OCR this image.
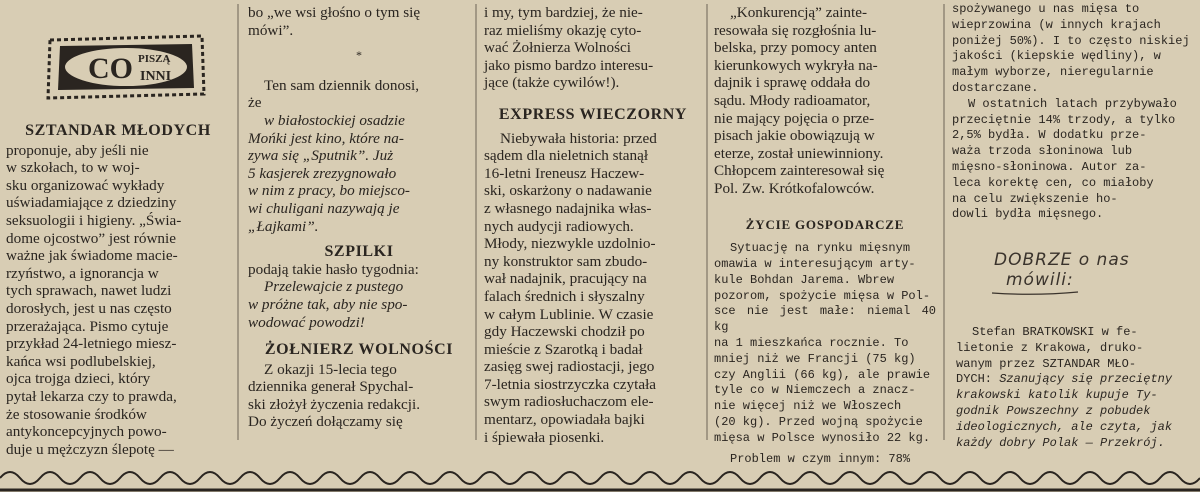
CO PISZĄ
INNI

SZTANDAR MŁODYCH

proponuje, aby jeśli nie

w szkołach, to w woj-

sku organizować wykłady

uświadamiające z dziedziny

seksuologii i higieny. „Świa-

dome ojcostwo” jest równie

ważne jak świadome macie-

rzyństwo, a ignorancja w

tych sprawach, nawet ludzi

dorosłych, jest u nas często

przerażająca. Pismo cytuje

przykład 24-letniego miesz-

kańca wsi podlubelskiej,

ojca trojga dzieci, który

pytał lekarza czy to prawda,

że stosowanie środków

antykoncepcyjnych powo-

duje u mężczyzn ślepotę —

bo „we wsi głośno o tym się

mówi”.

*

Ten sam dziennik donosi,

że

w białostockiej osadzie

Mońki jest kino, które na-

zywa się „Sputnik”. Już

5 kasjerek zrezygnowało

w nim z pracy, bo miejsco-

wi chuligani nazywają je

„Łajkami”.

SZPILKI

podają takie hasło tygodnia:

Przelewajcie z pustego

w próżne tak, aby nie spo-

wodować powodzi!

ŻOŁNIERZ WOLNOŚCI

Z okazji 15-lecia tego

dziennika generał Spychal-

ski złożył życzenia redakcji.

Do życzeń dołączamy się

i my, tym bardziej, że nie-

raz mieliśmy okazję cyto-

wać Żołnierza Wolności

jako pismo bardzo interesu-

jące (także cywilów!).

EXPRESS WIECZORNY

Niebywała historia: przed

sądem dla nieletnich stanął

16-letni Ireneusz Haczew-

ski, oskarżony o nadawanie

z własnego nadajnika włas-

nych audycji radiowych.

Młody, niezwykle uzdolnio-

ny konstruktor sam zbudo-

wał nadajnik, pracujący na

falach średnich i słyszalny

w całym Lublinie. W czasie

gdy Haczewski chodził po

mieście z Szarotką i badał

zasięg swej radiostacji, jego

7-letnia siostrzyczka czytała

swym radiosłuchaczom ele-

mentarz, opowiadała bajki

i śpiewała piosenki.

„Konkurencją” zainte-

resowała się rozgłośnia lu-

belska, przy pomocy anten

kierunkowych wykryła na-

dajnik i sprawę oddała do

sądu. Młody radioamator,

nie mający pojęcia o prze-

pisach jakie obowiązują w

eterze, został uniewinniony.

Chłopcem zainteresował się

Pol. Zw. Krótkofalowców.

ŻYCIE GOSPODARCZE

Sytuację na rynku mięsnym

omawia w interesującym arty-

kule Bohdan Jarema. Wbrew

pozorom, spożycie mięsa w Pol-

sce nie jest małe: niemal 40 kg

na 1 mieszkańca rocznie. To

mniej niż we Francji (75 kg)

czy Anglii (66 kg), ale prawie

tyle co w Niemczech a znacz-

nie więcej niż we Włoszech

(20 kg). Przed wojną spożycie

mięsa w Polsce wynosiło 22 kg.

Problem w czym innym: 78%

spożywanego u nas mięsa to

wieprzowina (w innych krajach

poniżej 50%). I to często niskiej

jakości (kiepskie wędliny), w

małym wyborze, nieregularnie

dostarczane.

W ostatnich latach przybywało

przeciętnie 14% trzody, a tylko

2,5% bydła. W dodatku prze-

waża trzoda słoninowa lub

mięsno-słoninowa. Autor za-

leca korektę cen, co miałoby

na celu zwiększenie ho-

dowli bydła mięsnego.

DOBRZE o nas
mówili:

Stefan BRATKOWSKI w fe-

lietonie z Krakowa, druko-

wanym przez SZTANDAR MŁO-

DYCH: Szanujący się przeciętny

krakowski katolik kupuje Ty-

godnik Powszechny z pobudek

ideologicznych, ale czyta, jak

każdy dobry Polak — Przekrój.
